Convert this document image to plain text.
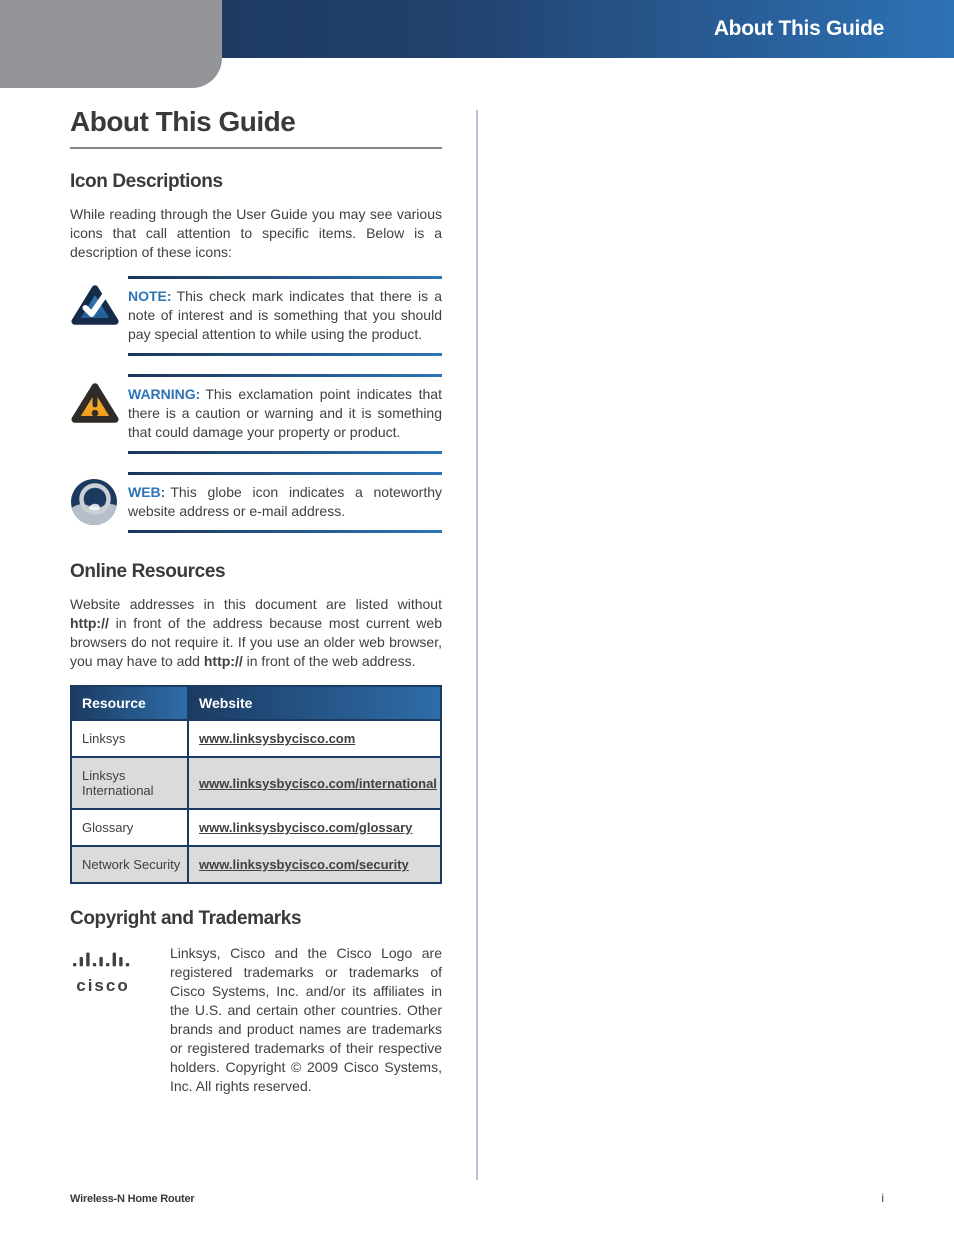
About This Guide
About This Guide
Icon Descriptions

While reading through the User Guide you may see various icons that call attention to specific items. Below is a description of these icons:

NOTE: This check mark indicates that there is a note of interest and is something that you should pay special attention to while using the product.

WARNING: This exclamation point indicates that there is a caution or warning and it is something that could damage your property or product.

WEB: This globe icon indicates a noteworthy website address or e-mail address.

Online Resources

Website addresses in this document are listed without http:// in front of the address because most current web browsers do not require it. If you use an older web browser, you may have to add http:// in front of the web address.

Resource	Website
Linksys	www.linksysbycisco.com
Linksys International	www.linksysbycisco.com/international
Glossary	www.linksysbycisco.com/glossary
Network Security	www.linksysbycisco.com/security
Copyright and Trademarks
cisco

Linksys, Cisco and the Cisco Logo are registered trademarks or trademarks of Cisco Systems, Inc. and/or its affiliates in the U.S. and certain other countries. Other brands and product names are trademarks or registered trademarks of their respective holders. Copyright © 2009 Cisco Systems, Inc. All rights reserved.

Wireless-N Home Router	i
